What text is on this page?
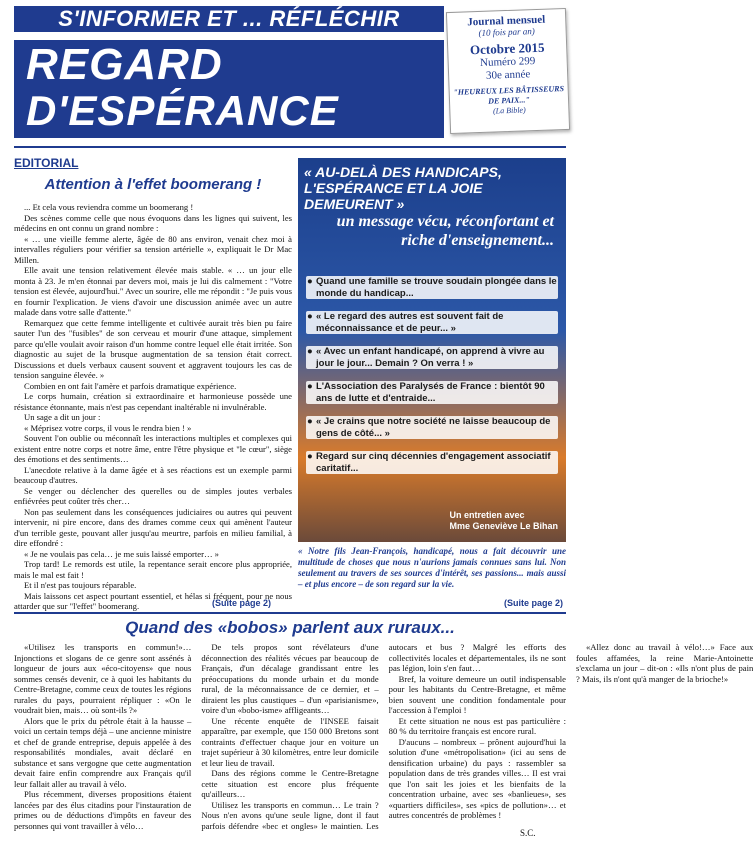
S'INFORMER ET ... RÉFLÉCHIR
REGARD
D'ESPÉRANCE
Journal mensuel
(10 fois par an)
Octobre 2015
Numéro 299
30e année
"HEUREUX LES BÂTISSEURS DE PAIX..."
(La Bible)
EDITORIAL
Attention à l'effet boomerang !

... Et cela vous reviendra comme un boomerang !

Des scènes comme celle que nous évoquons dans les lignes qui suivent, les médecins en ont connu un grand nombre :

« … une vieille femme alerte, âgée de 80 ans environ, venait chez moi à intervalles réguliers pour vérifier sa tension artérielle », expliquait le Dr Mac Millen.

Elle avait une tension relativement élevée mais stable. « … un jour elle monta à 23. Je m'en étonnai par devers moi, mais je lui dis calmement : "Votre tension est élevée, aujourd'hui." Avec un sourire, elle me répondit : "Je puis vous en fournir l'explication. Je viens d'avoir une discussion animée avec un autre malade dans votre salle d'attente."

Remarquez que cette femme intelligente et cultivée aurait très bien pu faire sauter l'un des "fusibles" de son cerveau et mourir d'une attaque, simplement parce qu'elle voulait avoir raison d'un homme contre lequel elle était irritée. Son diagnostic au sujet de la brusque augmentation de sa tension était correct. Discussions et duels verbaux causent souvent et aggravent toujours les cas de tension sanguine élevée. »

Combien en ont fait l'amère et parfois dramatique expérience.

Le corps humain, création si extraordinaire et harmonieuse possède une résistance étonnante, mais n'est pas cependant inaltérable ni invulnérable.

Un sage a dit un jour :

« Méprisez votre corps, il vous le rendra bien ! »

Souvent l'on oublie ou méconnaît les interactions multiples et complexes qui existent entre notre corps et notre âme, entre l'être physique et "le cœur", siège des émotions et des sentiments…

L'anecdote relative à la dame âgée et à ses réactions est un exemple parmi beaucoup d'autres.

Se venger ou déclencher des querelles ou de simples joutes verbales enfiévrées peut coûter très cher…

Non pas seulement dans les conséquences judiciaires ou autres qui peuvent intervenir, ni pire encore, dans des drames comme ceux qui amènent l'auteur d'un terrible geste, pouvant aller jusqu'au meurtre, parfois en milieu familial, à dire effondré :

« Je ne voulais pas cela… je me suis laissé emporter… »

Trop tard! Le remords est utile, la repentance serait encore plus appropriée, mais le mal est fait !

Et il n'est pas toujours réparable.

Mais laissons cet aspect pourtant essentiel, et hélas si fréquent, pour ne nous attarder que sur "l'effet" boomerang.	(Suite page 2)
« AU-DELÀ DES HANDICAPS, L'ESPÉRANCE ET LA JOIE DEMEURENT »
un message vécu, réconfortant et riche d'enseignement...
● Quand une famille se trouve soudain plongée dans le monde du handicap...
● « Le regard des autres est souvent fait de méconnaissance et de peur... »
● « Avec un enfant handicapé, on apprend à vivre au jour le jour... Demain ? On verra ! »
● L'Association des Paralysés de France : bientôt 90 ans de lutte et d'entraide...
● « Je crains que notre société ne laisse beaucoup de gens de côté... »
● Regard sur cinq décennies d'engagement associatif caritatif...
Un entretien avec
Mme Geneviève Le Bihan
« Notre fils Jean-François, handicapé, nous a fait découvrir une multitude de choses que nous n'aurions jamais connues sans lui. Non seulement au travers de ses sources d'intérêt, ses passions... mais aussi – et plus encore – de son regard sur la vie.
(Suite page 2)
Quand des «bobos» parlent aux ruraux...

«Utilisez les transports en commun!»… Injonctions et slogans de ce genre sont assénés à longueur de jours aux «éco-citoyens» que nous sommes censés devenir, ce à quoi les habitants du Centre-Bretagne, comme ceux de toutes les régions rurales du pays, pourraient répliquer : «On le voudrait bien, mais… où sont-ils ?»

Alors que le prix du pétrole était à la hausse – voici un certain temps déjà – une ancienne ministre et chef de grande entreprise, depuis appelée à des responsabilités mondiales, avait déclaré en substance et sans vergogne que cette augmentation devait faire enfin comprendre aux Français qu'il leur fallait aller au travail à vélo.

Plus récemment, diverses propositions étaient lancées par des élus citadins pour l'instauration de primes ou de déductions d'impôts en faveur des personnes qui vont travailler à vélo…

De tels propos sont révélateurs d'une déconnection des réalités vécues par beaucoup de Français, d'un décalage grandissant entre les préoccupations du monde urbain et du monde rural, de la méconnaissance de ce dernier, et – diraient les plus caustiques – d'un «parisianisme», voire d'un «bobo-isme» affligeants…

Une récente enquête de l'INSEE faisait apparaître, par exemple, que 150 000 Bretons sont contraints d'effectuer chaque jour en voiture un trajet supérieur à 30 kilomètres, entre leur domicile et leur lieu de travail.

Dans des régions comme le Centre-Bretagne cette situation est encore plus fréquente qu'ailleurs…

Utilisez les transports en commun… Le train ? Nous n'en avons qu'une seule ligne, dont il faut parfois défendre «bec et ongles» le maintien. Les autocars et bus ? Malgré les efforts des collectivités locales et départementales, ils ne sont pas légion, loin s'en faut…

Bref, la voiture demeure un outil indispensable pour les habitants du Centre-Bretagne, et même bien souvent une condition fondamentale pour l'accession à l'emploi !

Et cette situation ne nous est pas particulière : 80 % du territoire français est encore rural.

D'aucuns – nombreux – prônent aujourd'hui la solution d'une «métropolisation» (ici au sens de densification urbaine) du pays : rassembler sa population dans de très grandes villes… Il est vrai que l'on sait les joies et les bienfaits de la concentration urbaine, avec ses «banlieues», ses «quartiers difficiles», ses «pics de pollution»… et autres concentrés de problèmes !

«Allez donc au travail à vélo!…» Face aux foules affamées, la reine Marie-Antoinette s'exclama un jour – dit-on : «Ils n'ont plus de pain ? Mais, ils n'ont qu'à manger de la brioche!»

S.C.
